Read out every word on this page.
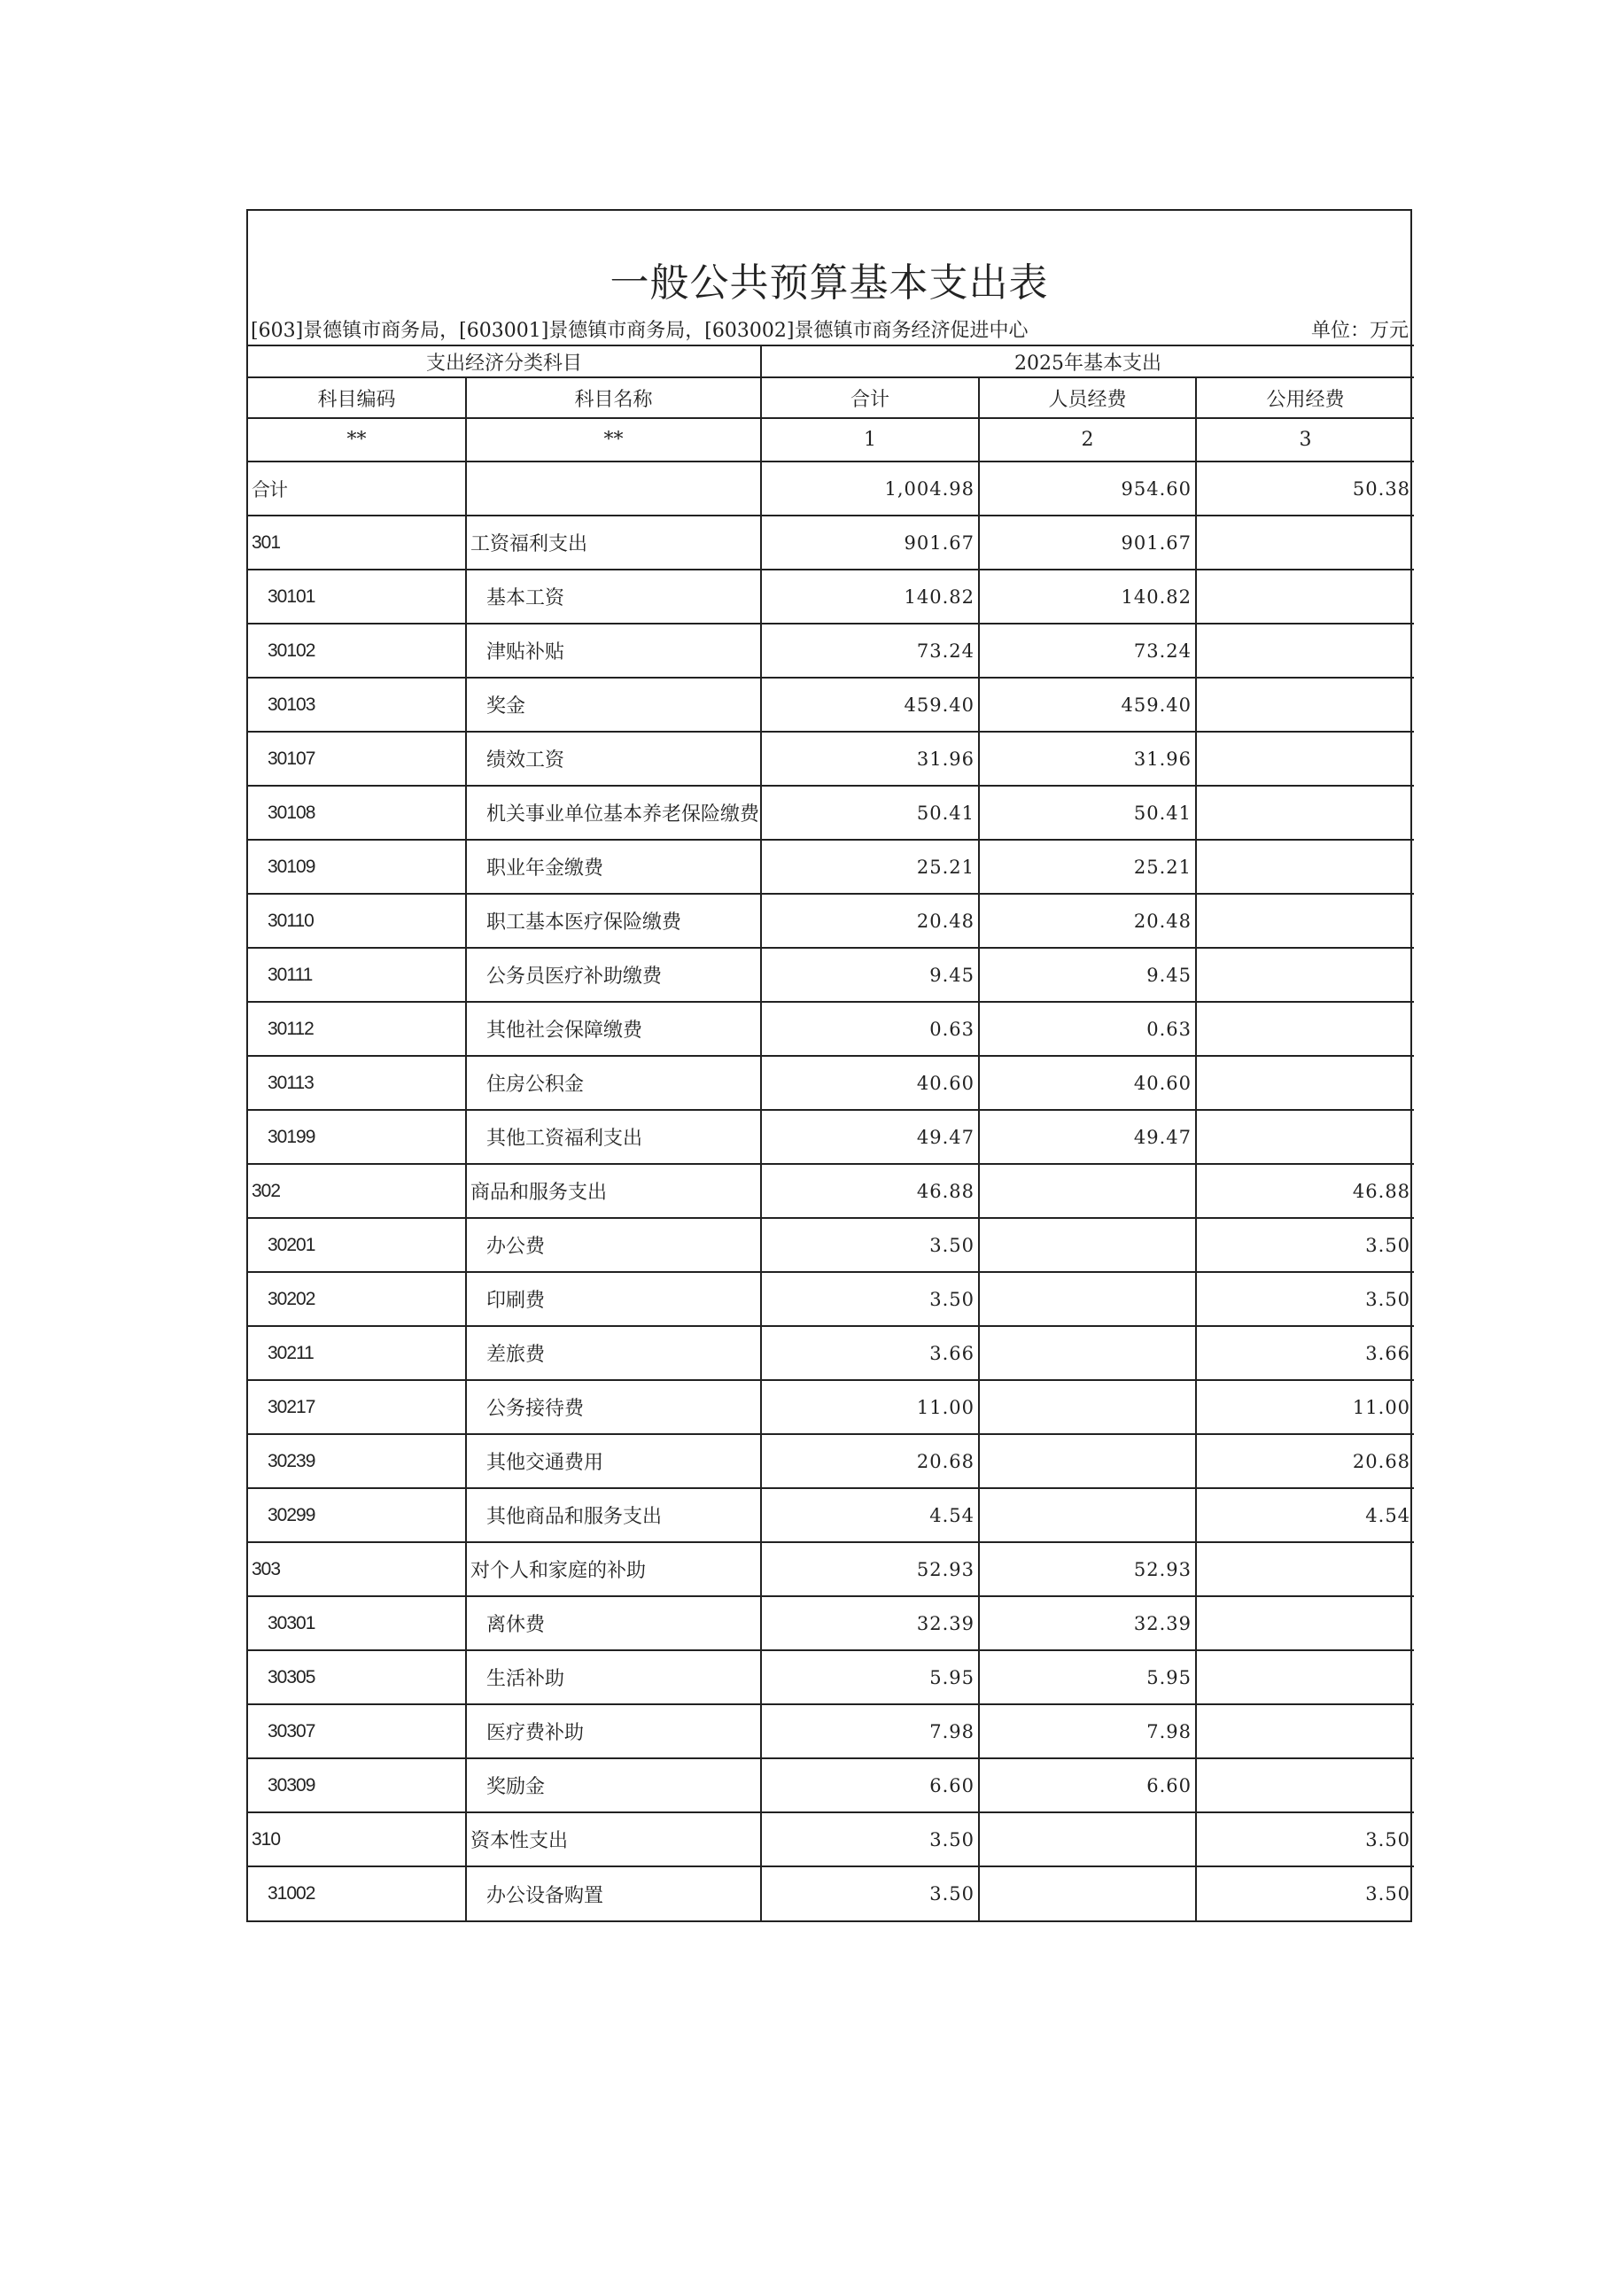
一般公共预算基本支出表
[603]景德镇市商务局，[603001]景德镇市商务局，[603002]景德镇市商务经济促进中心	单位：万元
支出经济分类科目		2025年基本支出		
科目编码	科目名称	合计	人员经费	公用经费
**	**	1	2	3
合计		1,004.98	954.60	50.38
301	工资福利支出	901.67	901.67	
30101	基本工资	140.82	140.82	
30102	津贴补贴	73.24	73.24	
30103	奖金	459.40	459.40	
30107	绩效工资	31.96	31.96	
30108	机关事业单位基本养老保险缴费	50.41	50.41	
30109	职业年金缴费	25.21	25.21	
30110	职工基本医疗保险缴费	20.48	20.48	
30111	公务员医疗补助缴费	9.45	9.45	
30112	其他社会保障缴费	0.63	0.63	
30113	住房公积金	40.60	40.60	
30199	其他工资福利支出	49.47	49.47	
302	商品和服务支出	46.88		46.88
30201	办公费	3.50		3.50
30202	印刷费	3.50		3.50
30211	差旅费	3.66		3.66
30217	公务接待费	11.00		11.00
30239	其他交通费用	20.68		20.68
30299	其他商品和服务支出	4.54		4.54
303	对个人和家庭的补助	52.93	52.93	
30301	离休费	32.39	32.39	
30305	生活补助	5.95	5.95	
30307	医疗费补助	7.98	7.98	
30309	奖励金	6.60	6.60	
310	资本性支出	3.50		3.50
31002	办公设备购置	3.50		3.50
